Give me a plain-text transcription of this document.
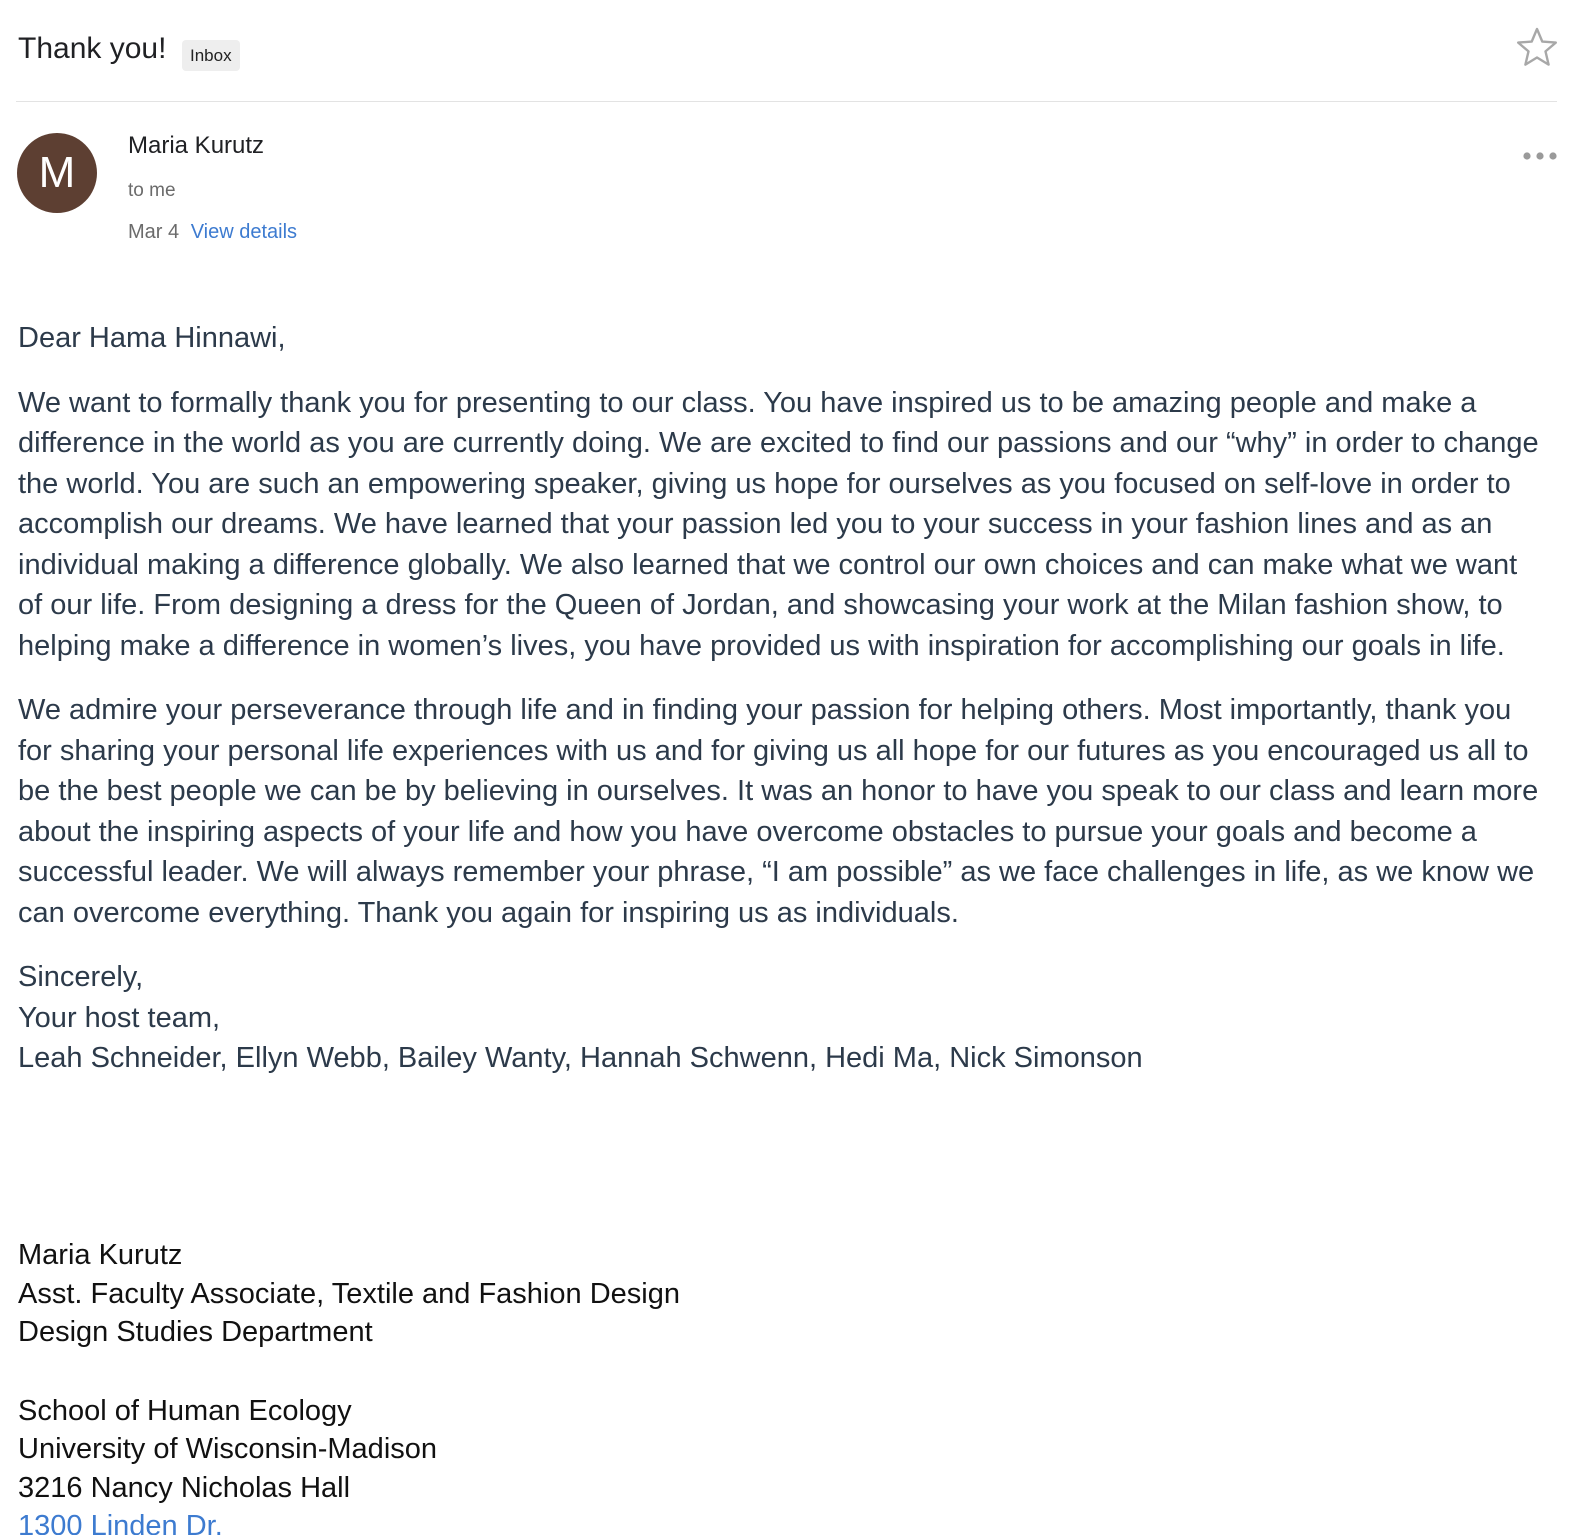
Thank you!	Inbox
M
Maria Kurutz
to me
Mar 4 View details

Dear Hama Hinnawi,

We want to formally thank you for presenting to our class. You have inspired us to be amazing people and make a difference in the world as you are currently doing. We are excited to find our passions and our “why” in order to change the world. You are such an empowering speaker, giving us hope for ourselves as you focused on self-love in order to accomplish our dreams. We have learned that your passion led you to your success in your fashion lines and as an individual making a difference globally. We also learned that we control our own choices and can make what we want of our life. From designing a dress for the Queen of Jordan, and showcasing your work at the Milan fashion show, to helping make a difference in women’s lives, you have provided us with inspiration for accomplishing our goals in life.

We admire your perseverance through life and in finding your passion for helping others. Most importantly, thank you for sharing your personal life experiences with us and for giving us all hope for our futures as you encouraged us all to be the best people we can be by believing in ourselves. It was an honor to have you speak to our class and learn more about the inspiring aspects of your life and how you have overcome obstacles to pursue your goals and become a successful leader. We will always remember your phrase, “I am possible” as we face challenges in life, as we know we can overcome everything. Thank you again for inspiring us as individuals.

Sincerely,

Your host team,

Leah Schneider, Ellyn Webb, Bailey Wanty, Hannah Schwenn, Hedi Ma, Nick Simonson

Maria Kurutz

Asst. Faculty Associate, Textile and Fashion Design

Design Studies Department

School of Human Ecology

University of Wisconsin-Madison

3216 Nancy Nicholas Hall

1300 Linden Dr.
